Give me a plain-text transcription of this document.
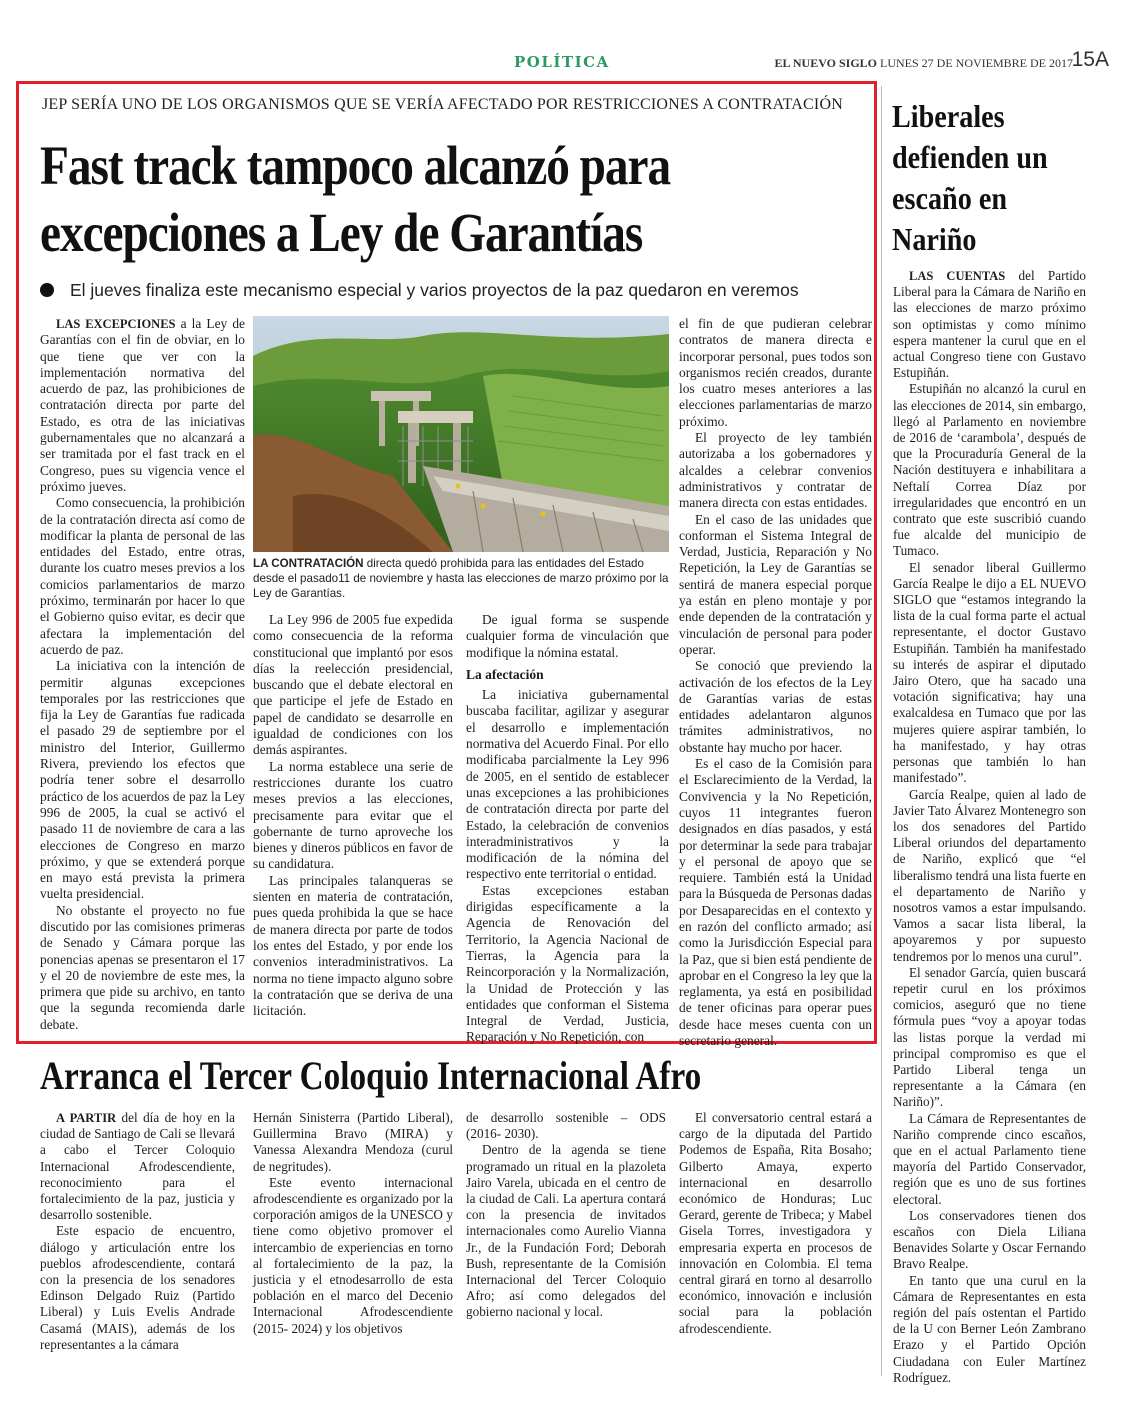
POLÍTICA	EL NUEVO SIGLO LUNES 27 DE NOVIEMBRE DE 2017
15A
JEP SERÍA UNO DE LOS ORGANISMOS QUE SE VERÍA AFECTADO POR RESTRICCIONES A CONTRATACIÓN
Fast track tampoco alcanzó para
excepciones a Ley de Garantías
El jueves finaliza este mecanismo especial y varios proyectos de la paz quedaron en veremos

LAS EXCEPCIONES a la Ley de Garantías con el fin de obviar, en lo que tiene que ver con la implementación normativa del acuerdo de paz, las prohibiciones de contratación directa por parte del Estado, es otra de las iniciativas gubernamentales que no alcanzará a ser tramitada por el fast track en el Congreso, pues su vigencia vence el próximo jueves.

Como consecuencia, la prohibición de la contratación directa así como de modificar la planta de personal de las entidades del Estado, entre otras, durante los cuatro meses previos a los comicios parlamentarios de marzo próximo, terminarán por hacer lo que el Gobierno quiso evitar, es decir que afectara la implementación del acuerdo de paz.

La iniciativa con la intención de permitir algunas excepciones temporales por las restricciones que fija la Ley de Garantías fue radicada el pasado 29 de septiembre por el ministro del Interior, Guillermo Rivera, previendo los efectos que podría tener sobre el desarrollo práctico de los acuerdos de paz la Ley 996 de 2005, la cual se activó el pasado 11 de noviembre de cara a las elecciones de Congreso en marzo próximo, y que se extenderá porque en mayo está prevista la primera vuelta presidencial.

No obstante el proyecto no fue discutido por las comisiones primeras de Senado y Cámara porque las ponencias apenas se presentaron el 17 y el 20 de noviembre de este mes, la primera que pide su archivo, en tanto que la segunda recomienda darle debate.

LA CONTRATACIÓN directa quedó prohibida para las entidades del Estado desde el pasado11 de noviembre y hasta las elecciones de marzo próximo por la Ley de Garantías.

La Ley 996 de 2005 fue expedida como consecuencia de la reforma constitucional que implantó por esos días la reelección presidencial, buscando que el debate electoral en que participe el jefe de Estado en papel de candidato se desarrolle en igualdad de condiciones con los demás aspirantes.

La norma establece una serie de restricciones durante los cuatro meses previos a las elecciones, precisamente para evitar que el gobernante de turno aproveche los bienes y dineros públicos en favor de su candidatura.

Las principales talanqueras se sienten en materia de contratación, pues queda prohibida la que se hace de manera directa por parte de todos los entes del Estado, y por ende los convenios interadministrativos. La norma no tiene impacto alguno sobre la contratación que se deriva de una licitación.

De igual forma se suspende cualquier forma de vinculación que modifique la nómina estatal.

La afectación

La iniciativa gubernamental buscaba facilitar, agilizar y asegurar el desarrollo e implementación normativa del Acuerdo Final. Por ello modificaba parcialmente la Ley 996 de 2005, en el sentido de establecer unas excepciones a las prohibiciones de contratación directa por parte del Estado, la celebración de convenios interadministrativos y la modificación de la nómina del respectivo ente territorial o entidad.

Estas excepciones estaban dirigidas específicamente a la Agencia de Renovación del Territorio, la Agencia Nacional de Tierras, la Agencia para la Reincorporación y la Normalización, la Unidad de Protección y las entidades que conforman el Sistema Integral de Verdad, Justicia, Reparación y No Repetición, con

el fin de que pudieran celebrar contratos de manera directa e incorporar personal, pues todos son organismos recién creados, durante los cuatro meses anteriores a las elecciones parlamentarias de marzo próximo.

El proyecto de ley también autorizaba a los gobernadores y alcaldes a celebrar convenios administrativos y contratar de manera directa con estas entidades.

En el caso de las unidades que conforman el Sistema Integral de Verdad, Justicia, Reparación y No Repetición, la Ley de Garantías se sentirá de manera especial porque ya están en pleno montaje y por ende dependen de la contratación y vinculación de personal para poder operar.

Se conoció que previendo la activación de los efectos de la Ley de Garantías varias de estas entidades adelantaron algunos trámites administrativos, no obstante hay mucho por hacer.

Es el caso de la Comisión para el Esclarecimiento de la Verdad, la Convivencia y la No Repetición, cuyos 11 integrantes fueron designados en días pasados, y está por determinar la sede para trabajar y el personal de apoyo que se requiere. También está la Unidad para la Búsqueda de Personas dadas por Desaparecidas en el contexto y en razón del conflicto armado; así como la Jurisdicción Especial para la Paz, que si bien está pendiente de aprobar en el Congreso la ley que la reglamenta, ya está en posibilidad de tener oficinas para operar pues desde hace meses cuenta con un secretario general.

Liberales defienden un escaño en Nariño

LAS CUENTAS del Partido Liberal para la Cámara de Nariño en las elecciones de marzo próximo son optimistas y como mínimo espera mantener la curul que en el actual Congreso tiene con Gustavo Estupiñán.

Estupiñán no alcanzó la curul en las elecciones de 2014, sin embargo, llegó al Parlamento en noviembre de 2016 de ‘carambola’, después de que la Procuraduría General de la Nación destituyera e inhabilitara a Neftalí Correa Díaz por irregularidades que encontró en un contrato que este suscribió cuando fue alcalde del municipio de Tumaco.

El senador liberal Guillermo García Realpe le dijo a EL NUEVO SIGLO que “estamos integrando la lista de la cual forma parte el actual representante, el doctor Gustavo Estupiñán. También ha manifestado su interés de aspirar el diputado Jairo Otero, que ha sacado una votación significativa; hay una exalcaldesa en Tumaco que por las mujeres quiere aspirar también, lo ha manifestado, y hay otras personas que también lo han manifestado”.

García Realpe, quien al lado de Javier Tato Álvarez Montenegro son los dos senadores del Partido Liberal oriundos del departamento de Nariño, explicó que “el liberalismo tendrá una lista fuerte en el departamento de Nariño y nosotros vamos a estar impulsando. Vamos a sacar lista liberal, la apoyaremos y por supuesto tendremos por lo menos una curul”.

El senador García, quien buscará repetir curul en los próximos comicios, aseguró que no tiene fórmula pues “voy a apoyar todas las listas porque la verdad mi principal compromiso es que el Partido Liberal tenga un representante a la Cámara (en Nariño)”.

La Cámara de Representantes de Nariño comprende cinco escaños, que en el actual Parlamento tiene mayoría del Partido Conservador, región que es uno de sus fortines electoral.

Los conservadores tienen dos escaños con Diela Liliana Benavides Solarte y Oscar Fernando Bravo Realpe.

En tanto que una curul en la Cámara de Representantes en esta región del país ostentan el Partido de la U con Berner León Zambrano Erazo y el Partido Opción Ciudadana con Euler Martínez Rodríguez.

Arranca el Tercer Coloquio Internacional Afro

A PARTIR del día de hoy en la ciudad de Santiago de Cali se llevará a cabo el Tercer Coloquio Internacional Afrodescendiente, reconocimiento para el fortalecimiento de la paz, justicia y desarrollo sostenible.

Este espacio de encuentro, diálogo y articulación entre los pueblos afrodescendiente, contará con la presencia de los senadores Edinson Delgado Ruiz (Partido Liberal) y Luis Evelis Andrade Casamá (MAIS), además de los representantes a la cámara

Hernán Sinisterra (Partido Liberal), Guillermina Bravo (MIRA) y Vanessa Alexandra Mendoza (curul de negritudes).

Este evento internacional afrodescendiente es organizado por la corporación amigos de la UNESCO y tiene como objetivo promover el intercambio de experiencias en torno al fortalecimiento de la paz, la justicia y el etnodesarrollo de esta población en el marco del Decenio Internacional Afrodescendiente (2015- 2024) y los objetivos

de desarrollo sostenible – ODS (2016- 2030).

Dentro de la agenda se tiene programado un ritual en la plazoleta Jairo Varela, ubicada en el centro de la ciudad de Cali. La apertura contará con la presencia de invitados internacionales como Aurelio Vianna Jr., de la Fundación Ford; Deborah Bush, representante de la Comisión Internacional del Tercer Coloquio Afro; así como delegados del gobierno nacional y local.

El conversatorio central estará a cargo de la diputada del Partido Podemos de España, Rita Bosaho; Gilberto Amaya, experto internacional en desarrollo económico de Honduras; Luc Gerard, gerente de Tribeca; y Mabel Gisela Torres, investigadora y empresaria experta en procesos de innovación en Colombia. El tema central girará en torno al desarrollo económico, innovación e inclusión social para la población afrodescendiente.
